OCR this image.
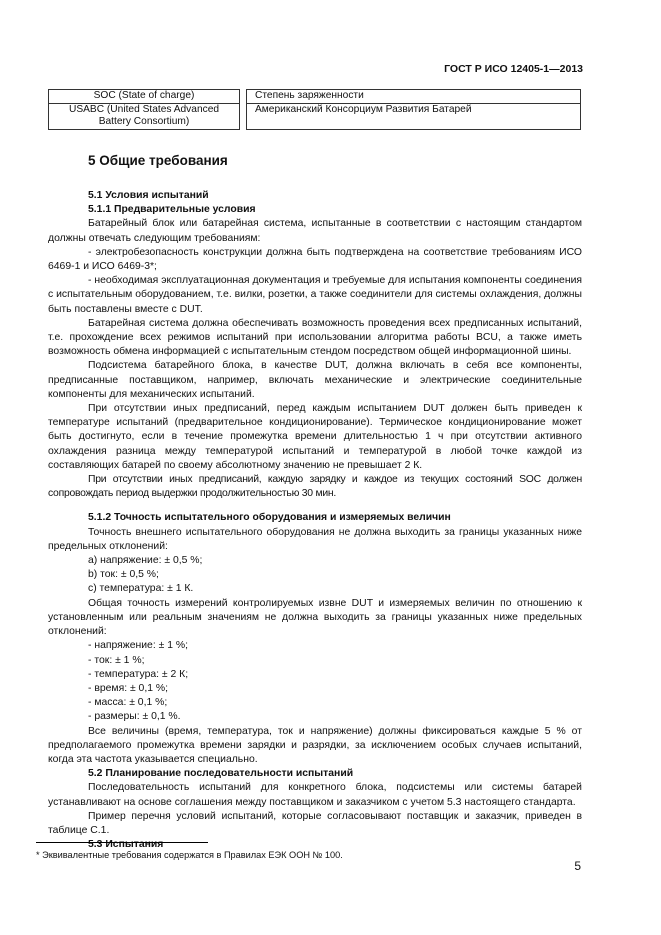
ГОСТ Р ИСО 12405-1—2013
SOC (State of charge)		Степень заряженности
USABC (United States Advanced Battery Consortium)		Американский Консорциум Развития Батарей
5 Общие требования
5.1 Условия испытаний
5.1.1 Предварительные условия

Батарейный блок или батарейная система, испытанные в соответствии с настоящим стандартом должны отвечать следующим требованиям:

- электробезопасность конструкции должна быть подтверждена на соответствие требованиям ИСО 6469-1 и ИСО 6469-3*;

- необходимая эксплуатационная документация и требуемые для испытания компоненты соединения с испытательным оборудованием, т.е. вилки, розетки, а также соединители для системы охлаждения, должны быть поставлены вместе с DUT.

Батарейная система должна обеспечивать возможность проведения всех предписанных испытаний, т.е. прохождение всех режимов испытаний при использовании алгоритма работы BCU, а также иметь возможность обмена информацией с испытательным стендом посредством общей информационной шины.

Подсистема батарейного блока, в качестве DUT, должна включать в себя все компоненты, предписанные поставщиком, например, включать механические и электрические соединительные компоненты для механических испытаний.

При отсутствии иных предписаний, перед каждым испытанием DUT должен быть приведен к температуре испытаний (предварительное кондиционирование). Термическое кондиционирование может быть достигнуто, если в течение промежутка времени длительностью 1 ч при отсутствии активного охлаждения разница между температурой испытаний и температурой в любой точке каждой из составляющих батарей по своему абсолютному значению не превышает 2 К.

При отсутствии иных предписаний, каждую зарядку и каждое из текущих состояний SOC должен сопровождать период выдержки продолжительностью 30 мин.

5.1.2 Точность испытательного оборудования и измеряемых величин

Точность внешнего испытательного оборудования не должна выходить за границы указанных ниже предельных отклонений:

a) напряжение: ± 0,5 %;

b) ток: ± 0,5 %;

c) температура: ± 1 К.

Общая точность измерений контролируемых извне DUT и измеряемых величин по отношению к установленным или реальным значениям не должна выходить за границы указанных ниже предельных отклонений:

- напряжение: ± 1 %;

- ток: ± 1 %;

- температура: ± 2 К;

- время: ± 0,1 %;

- масса: ± 0,1 %;

- размеры: ± 0,1 %.

Все величины (время, температура, ток и напряжение) должны фиксироваться каждые 5 % от предполагаемого промежутка времени зарядки и разрядки, за исключением особых случаев испытаний, когда эта частота указывается специально.

5.2 Планирование последовательности испытаний

Последовательность испытаний для конкретного блока, подсистемы или системы батарей устанавливают на основе соглашения между поставщиком и заказчиком с учетом 5.3 настоящего стандарта.

Пример перечня условий испытаний, которые согласовывают поставщик и заказчик, приведен в таблице С.1.

5.3 Испытания
* Эквивалентные требования содержатся в Правилах ЕЭК ООН № 100.
5
